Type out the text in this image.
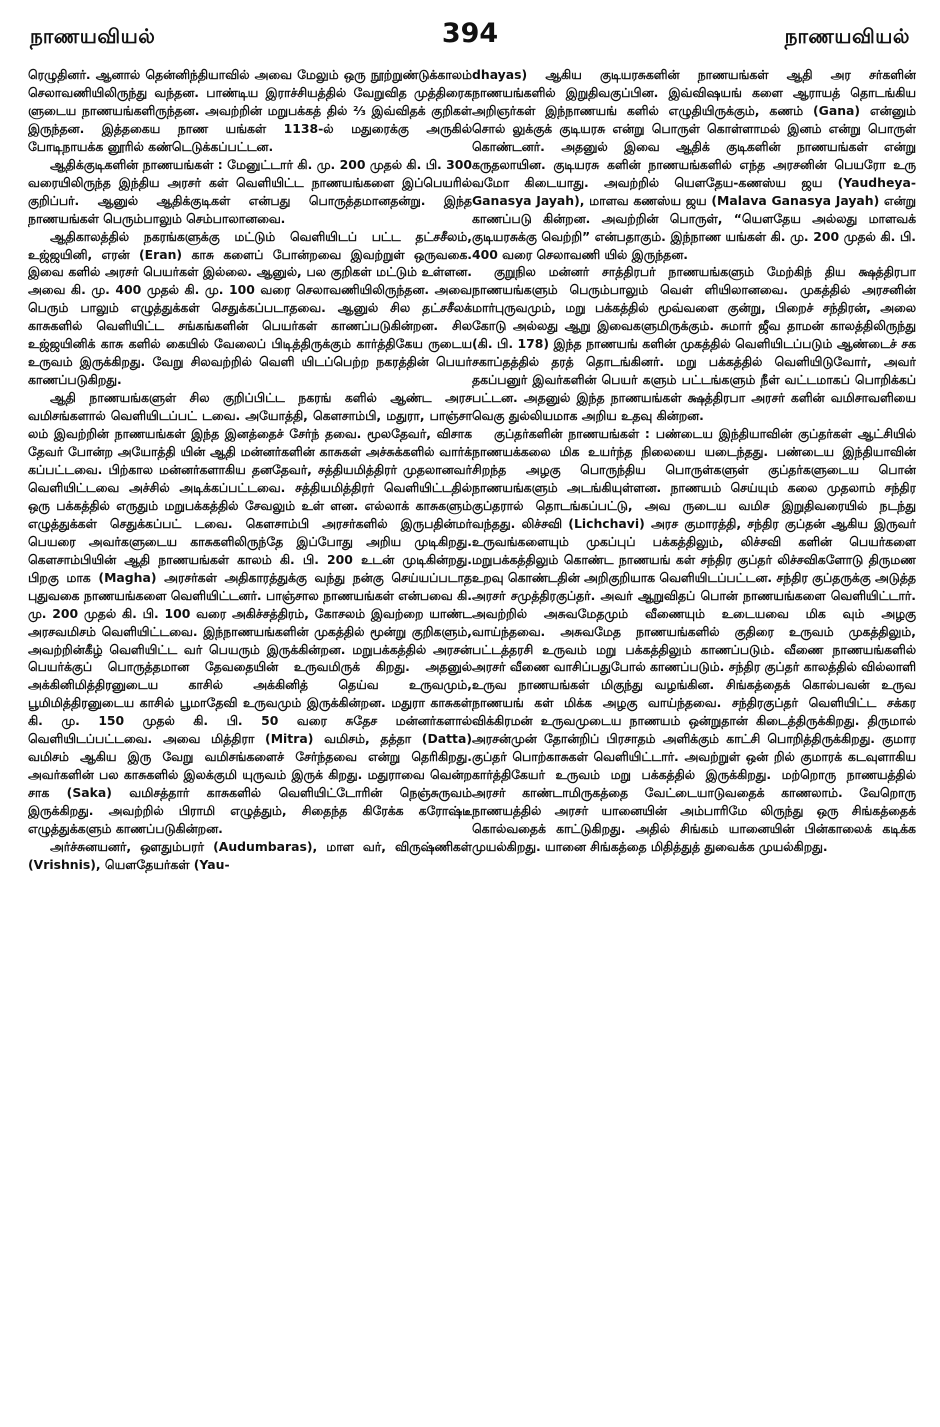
நாணயவியல்	394	நாணயவியல்

ரெழுதினர். ஆனால் தென்னிந்தியாவில் அவை மேலும் ஒரு நூற்றுண்டுக்காலம் செலாவணியிலிருந்து வந்தன. பாண்டிய இராச்சியத்தில் வேறுவித முத்திரைக ளுடைய நாணயங்களிருந்தன. அவற்றின் மறுபக்கத் தில் ⅔ இவ்விதக் குறிகள் இருந்தன. இத்தகைய நாண யங்கள் 1138-ல் மதுரைக்கு அருகில் போடிநாயக்க னூரில் கண்டெடுக்கப்பட்டன.

ஆதிக்குடிகளின் நாணயங்கள் : மேனுட்டார் கி. மு. 200 முதல் கி. பி. 300 வரையிலிருந்த இந்திய அரசர் கள் வெளியிட்ட நாணயங்களை இப்பெயரில் குறிப்பர். ஆனுல் ஆதிக்குடிகள் என்பது பொருத்தமானதன்று. இந்த நாணயங்கள் பெரும்பாலும் செம்பாலானவை.

ஆதிகாலத்தில் நகரங்களுக்கு மட்டும் வெளியிடப் பட்ட தட்சசீலம், உஜ்ஜயினி, எரன் (Eran) காசு களைப் போன்றவை இவற்றுள் ஒருவகை. இவை களில் அரசர் பெயர்கள் இல்லை. ஆனுல், பல குறிகள் மட்டும் உள்ளன. அவை கி. மு. 400 முதல் கி. மு. 100 வரை செலாவணியிலிருந்தன. அவை பெரும் பாலும் எழுத்துக்கள் செதுக்கப்படாதவை. ஆனுல் சில தட்சசீலக் காசுகளில் வெளியிட்ட சங்கங்களின் பெயர்கள் காணப்படுகின்றன. சில உஜ்ஜயினிக் காசு களில் கையில் வேலைப் பிடித்திருக்கும் கார்த்திகேய ருடைய உருவம் இருக்கிறது. வேறு சிலவற்றில் வெளி யிடப்பெற்ற நகரத்தின் பெயர் காணப்படுகிறது.

ஆதி நாணயங்களுள் சில குறிப்பிட்ட நகரங் களில் ஆண்ட அரச வமிசங்களால் வெளியிடப்பட் டவை. அயோத்தி, கௌசாம்பி, மதுரா, பாஞ்சா லம் இவற்றின் நாணயங்கள் இந்த இனத்தைச் சேர்ந் தவை. மூலதேவர், விசாக தேவர் போன்ற அயோத்தி யின் ஆதி மன்னர்களின் காசுகள் அச்சுக்களில் வார்க் கப்பட்டவை. பிற்கால மன்னர்களாகிய தனதேவர், சத்தியமித்திரர் முதலானவர் வெளியிட்டவை அச்சில் அடிக்கப்பட்டவை. சத்தியமித்திரர் வெளியிட்டதில் ஒரு பக்கத்தில் எருதும் மறுபக்கத்தில் சேவலும் உள் ளன. எல்லாக் காசுகளும் எழுத்துக்கள் செதுக்கப்பட் டவை. கௌசாம்பி அரசர்களில் இருபதின்மர் பெயரை அவர்களுடைய காசுகளிலிருந்தே இப்போது அறிய முடிகிறது. கௌசாம்பியின் ஆதி நாணயங்கள் காலம் கி. பி. 200 உடன் முடிகின்றது. பிறகு மாக (Magha) அரசர்கள் அதிகாரத்துக்கு வந்து நன்கு செய்யப்படாத புதுவகை நாணயங்களை வெளியிட்டனர். பாஞ்சால நாணயங்கள் என்பவை கி. மு. 200 முதல் கி. பி. 100 வரை அகிச்சத்திரம், கோசலம் இவற்றை யாண்ட அரசவமிசம் வெளியிட்டவை. இந்நாணயங்களின் முகத்தில் மூன்று குறிகளும், அவற்றின்கீழ் வெளியிட்ட வர் பெயரும் இருக்கின்றன. மறுபக்கத்தில் அரசன் பெயர்க்குப் பொருத்தமான தேவதையின் உருவமிருக் கிறது. அதனுல் அக்கினிமித்திரனுடைய காசில் அக்கினித் தெய்வ உருவமும், பூமிமித்திரனுடைய காசில் பூமாதேவி உருவமும் இருக்கின்றன. மதுரா காசுகள் கி. மு. 150 முதல் கி. பி. 50 வரை சுதேச மன்னர்களால் வெளியிடப்பட்டவை. அவை மித்திரா (Mitra) வமிசம், தத்தா (Datta) வமிசம் ஆகிய இரு வேறு வமிசங்களைச் சேர்ந்தவை என்று தெரிகிறது. அவர்களின் பல காசுகளில் இலக்குமி யுருவம் இருக் கிறது. மதுராவை வென்ற சாக (Saka) வமிசத்தார் காசுகளில் வெளியிட்டோரின் நெஞ்சுருவம் இருக்கிறது. அவற்றில் பிராமி எழுத்தும், சிதைந்த கிரேக்க கரோஷ்டீ எழுத்துக்களும் காணப்படுகின்றன.

அர்ச்சுனயனர், ஔதும்பரர் (Audumbaras), மாள வர், விருஷ்ணிகள் (Vrishnis), யௌதேயர்கள் (Yau-

dhayas) ஆகிய குடியரசுகளின் நாணயங்கள் ஆதி அர சர்களின் நாணயங்களில் இறுதிவகுப்பின. இவ்விஷயங் களை ஆராயத் தொடங்கிய அறிஞர்கள் இந்நாணயங் களில் எழுதியிருக்கும், கணம் (Gana) என்னும் சொல் லுக்குக் குடியரசு என்று பொருள் கொள்ளாமல் இனம் என்று பொருள் கொண்டனர். அதனுல் இவை ஆதிக் குடிகளின் நாணயங்கள் என்று கருதலாயின. குடியரசு களின் நாணயங்களில் எந்த அரசனின் பெயரோ உரு வமோ கிடையாது. அவற்றில் யௌதேய-கணஸ்ய ஜய (Yaudheya-Ganasya Jayah), மாளவ கணஸ்ய ஜய (Malava Ganasya Jayah) என்று காணப்படு கின்றன. அவற்றின் பொருள், “யௌதேய அல்லது மாளவக் குடியரசுக்கு வெற்றி” என்பதாகும். இந்நாண யங்கள் கி. மு. 200 முதல் கி. பி. 400 வரை செலாவணி யில் இருந்தன.

குறுநில மன்னர் சாத்திரபர் நாணயங்களும் மேற்கிந் திய க்ஷத்திரபா நாணயங்களும் பெரும்பாலும் வெள் ளியிலானவை. முகத்தில் அரசனின் மார்புருவமும், மறு பக்கத்தில் மூவ்வளை குன்று, பிறைச் சந்திரன், அலை கோடு அல்லது ஆறு இவைகளுமிருக்கும். சுமார் ஜீவ தாமன் காலத்திலிருந்து (கி. பி. 178) இந்த நாணயங் களின் முகத்தில் வெளியிடப்படும் ஆண்டைச் சக சகாப்தத்தில் தரத் தொடங்கினர். மறு பக்கத்தில் வெளியிடுவோர், அவர் தகப்பனுர் இவர்களின் பெயர் களும் பட்டங்களும் நீள் வட்டமாகப் பொறிக்கப் பட்டன. அதனுல் இந்த நாணயங்கள் க்ஷத்திரபா அரசர் களின் வமிசாவளியை வெகு துல்லியமாக அறிய உதவு கின்றன.

குப்தர்களின் நாணயங்கள் : பண்டைய இந்தியாவின் குப்தர்கள் ஆட்சியில் நாணயக்கலை மிக உயர்ந்த நிலையை யடைந்தது. பண்டைய இந்தியாவின் சிறந்த அழகு பொருந்திய பொருள்களுள் குப்தர்களுடைய பொன் நாணயங்களும் அடங்கியுள்ளன. நாணயம் செய்யும் கலை முதலாம் சந்திர குப்தரால் தொடங்கப்பட்டு, அவ ருடைய வமிச இறுதிவரையில் நடந்து வந்தது. லிச்சவி (Lichchavi) அரச குமாரத்தி, சந்திர குப்தன் ஆகிய இருவர் உருவங்களையும் முகப்புப் பக்கத்திலும், லிச்சவி களின் பெயர்களை மறுபக்கத்திலும் கொண்ட நாணயங் கள் சந்திர குப்தர் லிச்சவிகளோடு திருமண உறவு கொண்டதின் அறிகுறியாக வெளியிடப்பட்டன. சந்திர குப்தருக்கு அடுத்த அரசர் சமுத்திரகுப்தர். அவர் ஆறுவிதப் பொன் நாணயங்களை வெளியிட்டார். அவற்றில் அசுவமேதமும் வீணையும் உடையவை மிக வும் அழகு வாய்ந்தவை. அசுவமேத நாணயங்களில் குதிரை உருவம் முகத்திலும், பட்டத்தரசி உருவம் மறு பக்கத்திலும் காணப்படும். வீணை நாணயங்களில் அரசர் வீணை வாசிப்பதுபோல் காணப்படும். சந்திர குப்தர் காலத்தில் வில்லாளி உருவ நாணயங்கள் மிகுந்து வழங்கின. சிங்கத்தைக் கொல்பவன் உருவ நாணயங் கள் மிக்க அழகு வாய்ந்தவை. சந்திரகுப்தர் வெளியிட்ட சக்கர விக்கிரமன் உருவமுடைய நாணயம் ஒன்றுதான் கிடைத்திருக்கிறது. திருமால் அரசன்முன் தோன்றிப் பிரசாதம் அளிக்கும் காட்சி பொறித்திருக்கிறது. குமார குப்தர் பொற்காசுகள் வெளியிட்டார். அவற்றுள் ஒன் றில் குமாரக் கடவுளாகிய கார்த்திகேயர் உருவம் மறு பக்கத்தில் இருக்கிறது. மற்றொரு நாணயத்தில் அரசர் காண்டாமிருகத்தை வேட்டையாடுவதைக் காணலாம். வேறொரு நாணயத்தில் அரசர் யானையின் அம்பாரிமே லிருந்து ஒரு சிங்கத்தைக் கொல்வதைக் காட்டுகிறது. அதில் சிங்கம் யானையின் பின்காலைக் கடிக்க முயல்கிறது. யானை சிங்கத்தை மிதித்துத் துவைக்க முயல்கிறது.
